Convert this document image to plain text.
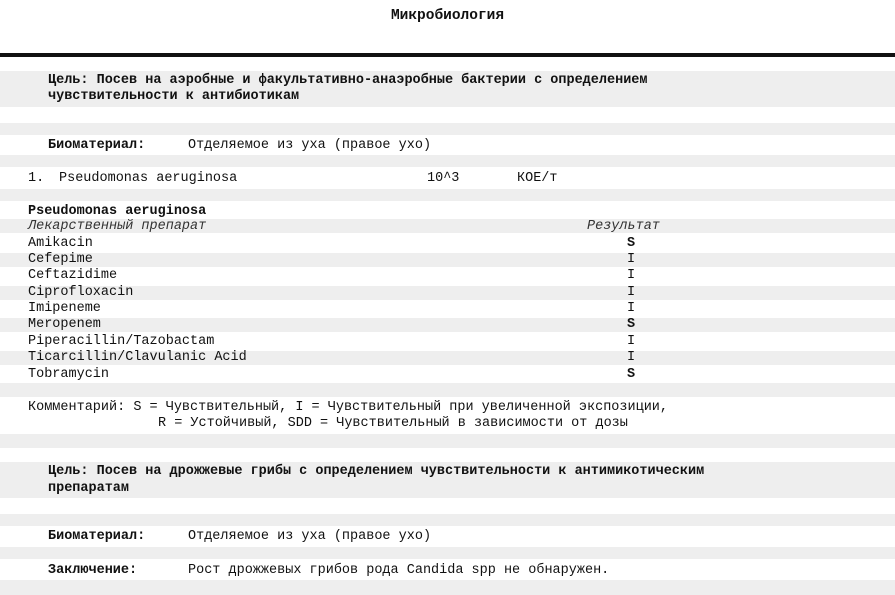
Микробиология
Цель: Посев на аэробные и факультативно-анаэробные бактерии с определением
чувствительности к антибиотикам
Биоматериал:	Отделяемое из уха (правое ухо)
1. Pseudomonas aeruginosa	10^3	КОЕ/т
Pseudomonas aeruginosa
Лекарственный препарат	Результат
Amikacin	S
Cefepime	I
Ceftazidime	I
Ciprofloxacin	I
Imipeneme	I
Meropenem	S
Piperacillin/Tazobactam	I
Ticarcillin/Clavulanic Acid	I
Tobramycin	S
Комментарий: S = Чувствительный, I = Чувствительный при увеличенной экспозиции,
R = Устойчивый, SDD = Чувствительный в зависимости от дозы
Цель: Посев на дрожжевые грибы с определением чувствительности к антимикотическим
препаратам
Биоматериал:	Отделяемое из уха (правое ухо)
Заключение:	Рост дрожжевых грибов рода Candida spp не обнаружен.
